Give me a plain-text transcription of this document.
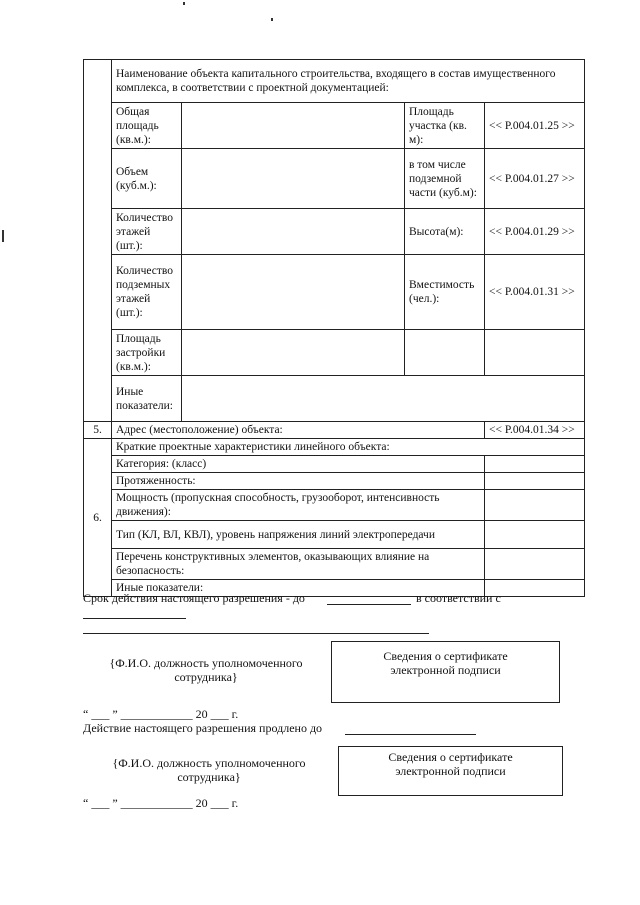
	Наименование объекта капитального строительства, входящего в состав имущественного комплекса, в соответствии с проектной документацией:			
	Общая площадь (кв.м.):		Площадь участка (кв. м):	<< P.004.01.25 >>
	Объем (куб.м.):		в том числе подземной части (куб.м):	<< P.004.01.27 >>
	Количество этажей (шт.):		Высота(м):	<< P.004.01.29 >>
	Количество подземных этажей (шт.):		Вместимость (чел.):	<< P.004.01.31 >>
	Площадь застройки (кв.м.):			
	Иные показатели:			
5.	Адрес (местоположение) объекта:			<< P.004.01.34 >>
6.	Краткие проектные характеристики линейного объекта:			
	Категория: (класс)			
	Протяженность:			
	Мощность (пропускная способность, грузооборот, интенсивность движения):			
	Тип (КЛ, ВЛ, КВЛ), уровень напряжения линий электропередачи			
	Перечень конструктивных элементов, оказывающих влияние на безопасность:			
	Иные показатели:			
Срок действия настоящего разрешения - до	в соответствии с
{Ф.И.О. должность уполномоченного сотрудника}
Сведения о сертификате электронной подписи
“ ___ ” ____________ 20 ___ г.
Действие настоящего разрешения продлено до
{Ф.И.О. должность уполномоченного сотрудника}
Сведения о сертификате электронной подписи
“ ___ ” ____________ 20 ___ г.
